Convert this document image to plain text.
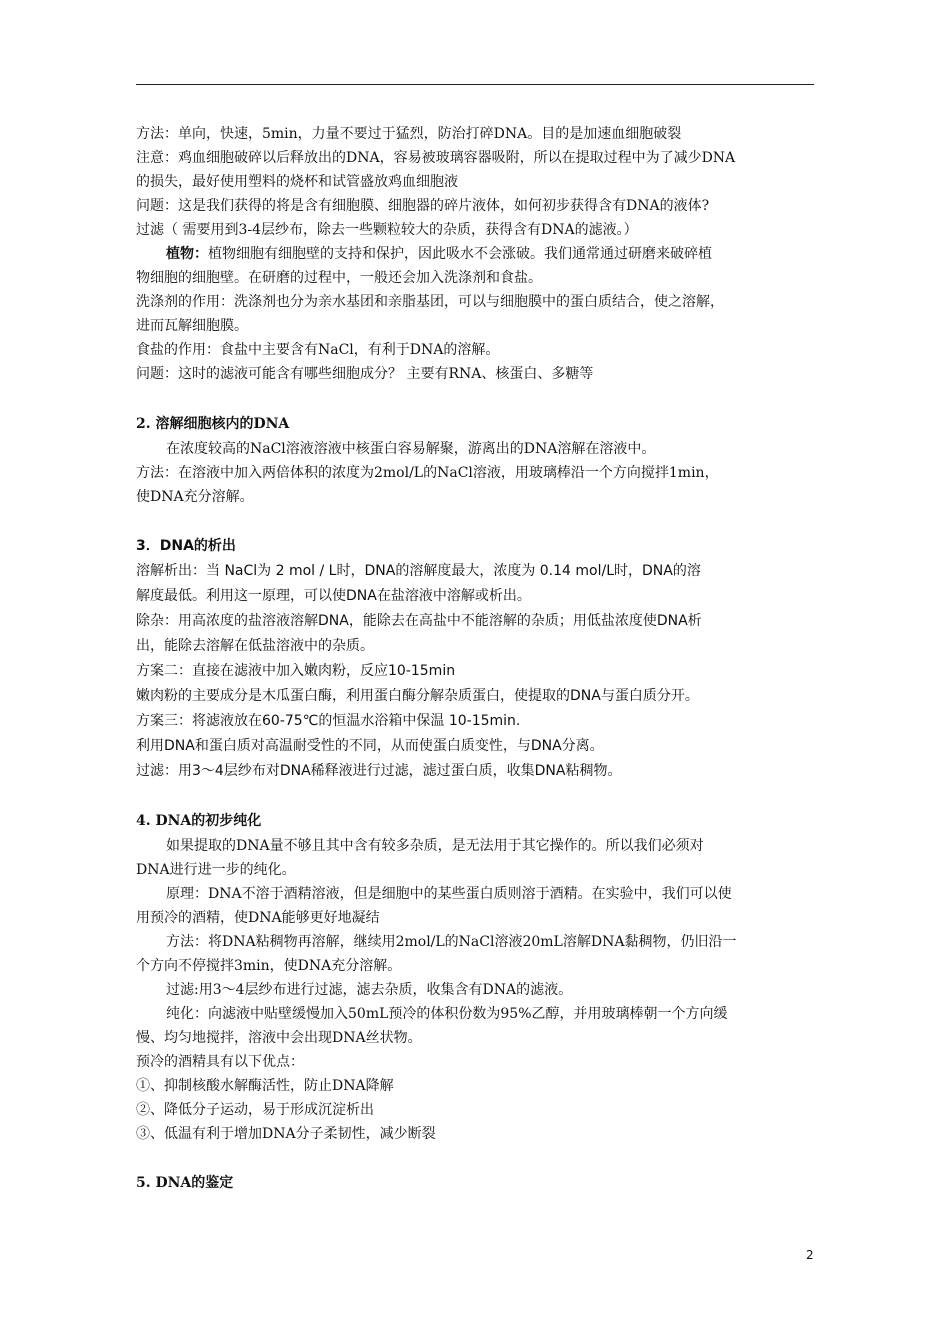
方法：单向，快速，5min，力量不要过于猛烈，防治打碎DNA。目的是加速血细胞破裂
注意：鸡血细胞破碎以后释放出的DNA，容易被玻璃容器吸附，所以在提取过程中为了减少DNA
的损失，最好使用塑料的烧杯和试管盛放鸡血细胞液
问题：这是我们获得的将是含有细胞膜、细胞器的碎片液体，如何初步获得含有DNA的液体?
过滤（ 需要用到3-4层纱布，除去一些颗粒较大的杂质，获得含有DNA的滤液。）
植物：植物细胞有细胞壁的支持和保护，因此吸水不会涨破。我们通常通过研磨来破碎植
物细胞的细胞壁。在研磨的过程中，一般还会加入洗涤剂和食盐。
洗涤剂的作用：洗涤剂也分为亲水基团和亲脂基团，可以与细胞膜中的蛋白质结合，使之溶解，
进而瓦解细胞膜。
食盐的作用：食盐中主要含有NaCl，有利于DNA的溶解。
问题：这时的滤液可能含有哪些细胞成分？ 主要有RNA、核蛋白、多糖等
2. 溶解细胞核内的DNA
在浓度较高的NaCl溶液溶液中核蛋白容易解聚，游离出的DNA溶解在溶液中。
方法：在溶液中加入两倍体积的浓度为2mol/L的NaCl溶液，用玻璃棒沿一个方向搅拌1min，
使DNA充分溶解。
3．DNA的析出
溶解析出：当 NaCl为 2 mol / L时，DNA的溶解度最大，浓度为 0.14 mol/L时，DNA的溶
解度最低。利用这一原理，可以使DNA在盐溶液中溶解或析出。
除杂：用高浓度的盐溶液溶解DNA，能除去在高盐中不能溶解的杂质；用低盐浓度使DNA析
出，能除去溶解在低盐溶液中的杂质。
方案二：直接在滤液中加入嫩肉粉，反应10-15min
嫩肉粉的主要成分是木瓜蛋白酶，利用蛋白酶分解杂质蛋白，使提取的DNA与蛋白质分开。
方案三：将滤液放在60-75℃的恒温水浴箱中保温 10-15min.
利用DNA和蛋白质对高温耐受性的不同，从而使蛋白质变性，与DNA分离。
过滤：用3～4层纱布对DNA稀释液进行过滤，滤过蛋白质，收集DNA粘稠物。
4. DNA的初步纯化
如果提取的DNA量不够且其中含有较多杂质，是无法用于其它操作的。所以我们必须对
DNA进行进一步的纯化。
原理：DNA不溶于酒精溶液，但是细胞中的某些蛋白质则溶于酒精。在实验中，我们可以使
用预冷的酒精，使DNA能够更好地凝结
方法：将DNA粘稠物再溶解，继续用2mol/L的NaCl溶液20mL溶解DNA黏稠物，仍旧沿一
个方向不停搅拌3min，使DNA充分溶解。
过滤:用3～4层纱布进行过滤，滤去杂质，收集含有DNA的滤液。
纯化：向滤液中贴壁缓慢加入50mL预冷的体积份数为95%乙醇，并用玻璃棒朝一个方向缓
慢、均匀地搅拌，溶液中会出现DNA丝状物。
预冷的酒精具有以下优点：
①、抑制核酸水解酶活性，防止DNA降解
②、降低分子运动，易于形成沉淀析出
③、低温有利于增加DNA分子柔韧性，减少断裂
5. DNA的鉴定
2
